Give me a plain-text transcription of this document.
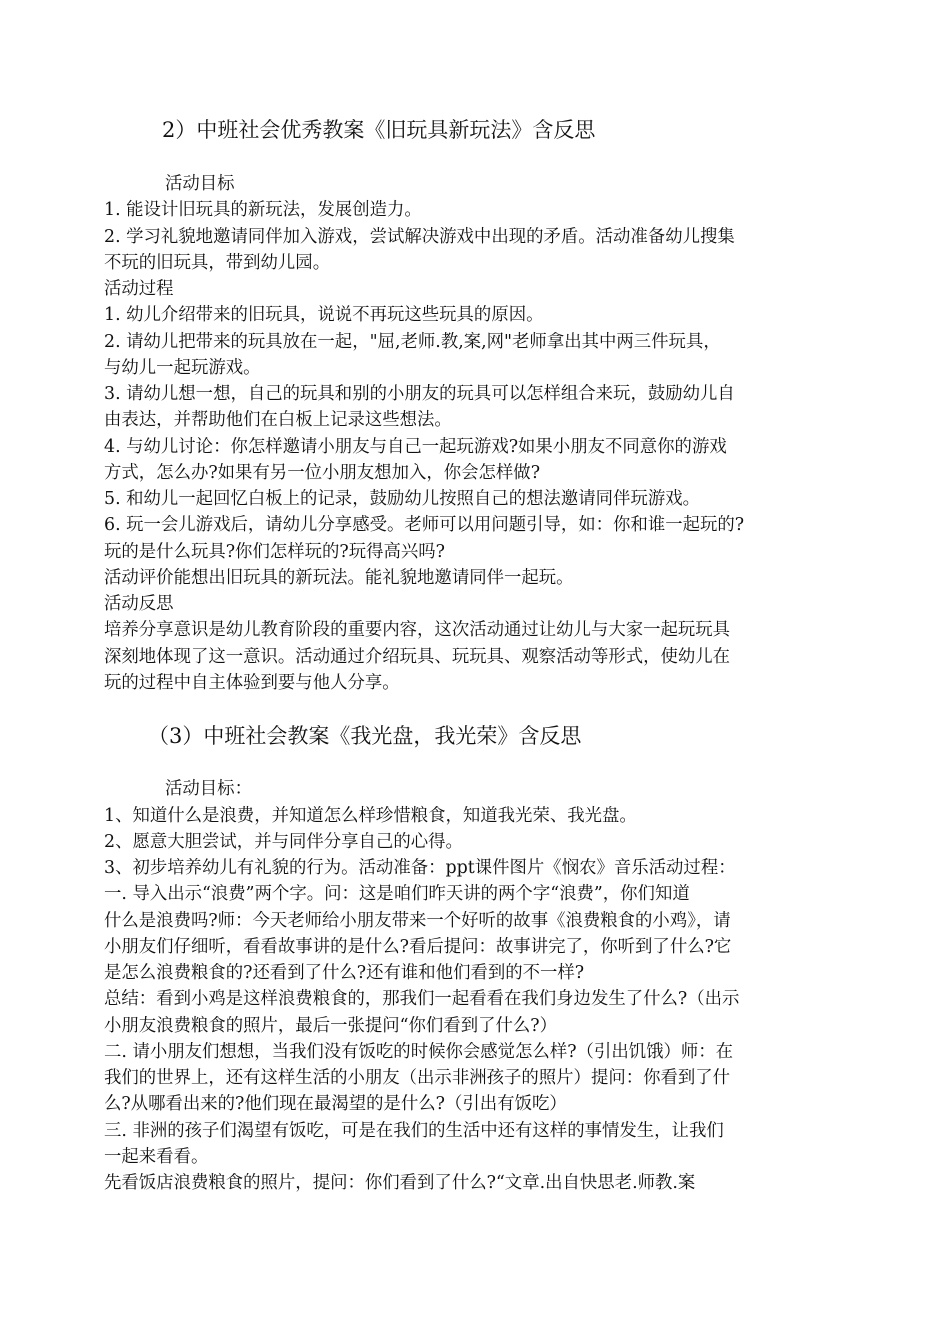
2）中班社会优秀教案《旧玩具新玩法》含反思
活动目标
1. 能设计旧玩具的新玩法，发展创造力。
2. 学习礼貌地邀请同伴加入游戏，尝试解决游戏中出现的矛盾。活动准备幼儿搜集
不玩的旧玩具，带到幼儿园。
活动过程
1. 幼儿介绍带来的旧玩具，说说不再玩这些玩具的原因。
2. 请幼儿把带来的玩具放在一起，"屈,老师.教,案,网"老师拿出其中两三件玩具，
与幼儿一起玩游戏。
3. 请幼儿想一想，自己的玩具和别的小朋友的玩具可以怎样组合来玩，鼓励幼儿自
由表达，并帮助他们在白板上记录这些想法。
4. 与幼儿讨论：你怎样邀请小朋友与自己一起玩游戏?如果小朋友不同意你的游戏
方式，怎么办?如果有另一位小朋友想加入，你会怎样做?
5. 和幼儿一起回忆白板上的记录，鼓励幼儿按照自己的想法邀请同伴玩游戏。
6. 玩一会儿游戏后，请幼儿分享感受。老师可以用问题引导，如：你和谁一起玩的?
玩的是什么玩具?你们怎样玩的?玩得高兴吗?
活动评价能想出旧玩具的新玩法。能礼貌地邀请同伴一起玩。
活动反思
培养分享意识是幼儿教育阶段的重要内容，这次活动通过让幼儿与大家一起玩玩具
深刻地体现了这一意识。活动通过介绍玩具、玩玩具、观察活动等形式，使幼儿在
玩的过程中自主体验到要与他人分享。
（3）中班社会教案《我光盘，我光荣》含反思
活动目标：
1、知道什么是浪费，并知道怎么样珍惜粮食，知道我光荣、我光盘。
2、愿意大胆尝试，并与同伴分享自己的心得。
3、初步培养幼儿有礼貌的行为。活动准备：ppt课件图片《悯农》音乐活动过程：
一. 导入出示“浪费”两个字。问：这是咱们昨天讲的两个字“浪费”，你们知道
什么是浪费吗?师：今天老师给小朋友带来一个好听的故事《浪费粮食的小鸡》，请
小朋友们仔细听，看看故事讲的是什么?看后提问：故事讲完了，你听到了什么?它
是怎么浪费粮食的?还看到了什么?还有谁和他们看到的不一样?
总结：看到小鸡是这样浪费粮食的，那我们一起看看在我们身边发生了什么?（出示
小朋友浪费粮食的照片，最后一张提问“你们看到了什么?）
二. 请小朋友们想想，当我们没有饭吃的时候你会感觉怎么样?（引出饥饿）师：在
我们的世界上，还有这样生活的小朋友（出示非洲孩子的照片）提问：你看到了什
么?从哪看出来的?他们现在最渴望的是什么?（引出有饭吃）
三. 非洲的孩子们渴望有饭吃，可是在我们的生活中还有这样的事情发生，让我们
一起来看看。
先看饭店浪费粮食的照片，提问：你们看到了什么?“文章.出自快思老.师教.案
